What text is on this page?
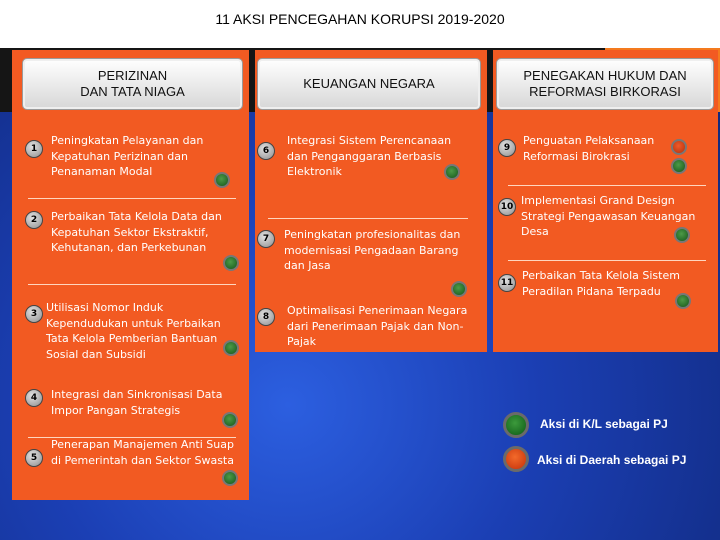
11 AKSI PENCEGAHAN KORUPSI 2019-2020
PERIZINAN
DAN TATA NIAGA
KEUANGAN NEGARA
PENEGAKAN HUKUM DAN
REFORMASI BIRKORASI
1
Peningkatan Pelayanan dan Kepatuhan Perizinan dan Penanaman Modal
2	Perbaikan Tata Kelola Data dan Kepatuhan Sektor Ekstraktif, Kehutanan, dan Perkebunan
3 Utilisasi Nomor Induk Kependudukan untuk Perbaikan Tata Kelola Pemberian Bantuan Sosial dan Subsidi
4	Integrasi dan Sinkronisasi Data Impor Pangan Strategis
5
Penerapan Manajemen Anti Suap di Pemerintah dan Sektor Swasta
6
Integrasi Sistem Perencanaan dan Penganggaran Berbasis Elektronik
7	Peningkatan profesionalitas dan modernisasi Pengadaan Barang dan Jasa
8	Optimalisasi Penerimaan Negara dari Penerimaan Pajak dan Non-Pajak
9
Penguatan Pelaksanaan Reformasi Birokrasi
10 Implementasi Grand Design Strategi Pengawasan Keuangan Desa
11
Perbaikan Tata Kelola Sistem Peradilan Pidana Terpadu
Aksi di K/L sebagai PJ
Aksi di Daerah sebagai PJ
